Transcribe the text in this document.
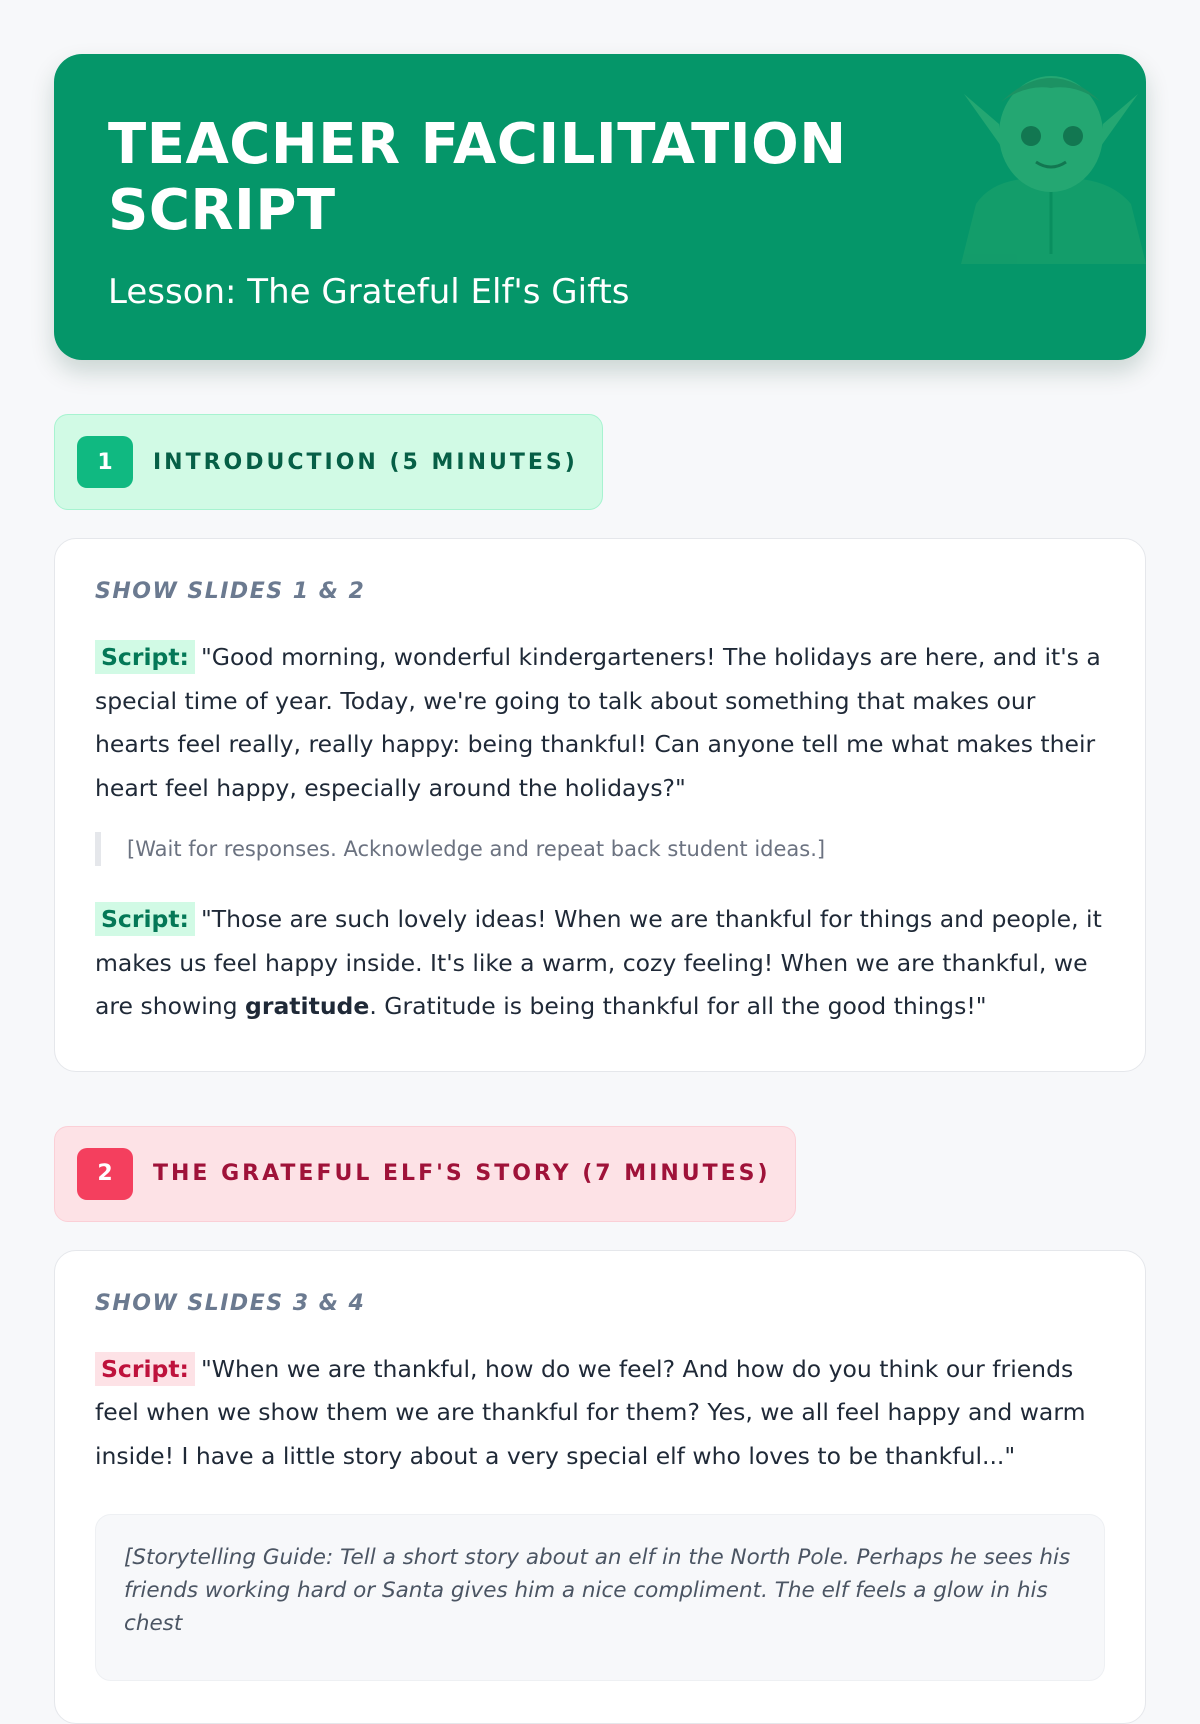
TEACHER FACILITATION SCRIPT
Lesson: The Grateful Elf's Gifts
1	INTRODUCTION (5 MINUTES)
SHOW SLIDES 1 & 2

Script: "Good morning, wonderful kindergarteners! The holidays are here, and it's a special time of year. Today, we're going to talk about something that makes our hearts feel really, really happy: being thankful! Can anyone tell me what makes their heart feel happy, especially around the holidays?"

[Wait for responses. Acknowledge and repeat back student ideas.]

Script: "Those are such lovely ideas! When we are thankful for things and people, it makes us feel happy inside. It's like a warm, cozy feeling! When we are thankful, we are showing gratitude. Gratitude is being thankful for all the good things!"

2	THE GRATEFUL ELF'S STORY (7 MINUTES)
SHOW SLIDES 3 & 4

Script: "When we are thankful, how do we feel? And how do you think our friends feel when we show them we are thankful for them? Yes, we all feel happy and warm inside! I have a little story about a very special elf who loves to be thankful..."

[Storytelling Guide: Tell a short story about an elf in the North Pole. Perhaps he sees his friends working hard or Santa gives him a nice compliment. The elf feels a glow in his chest
